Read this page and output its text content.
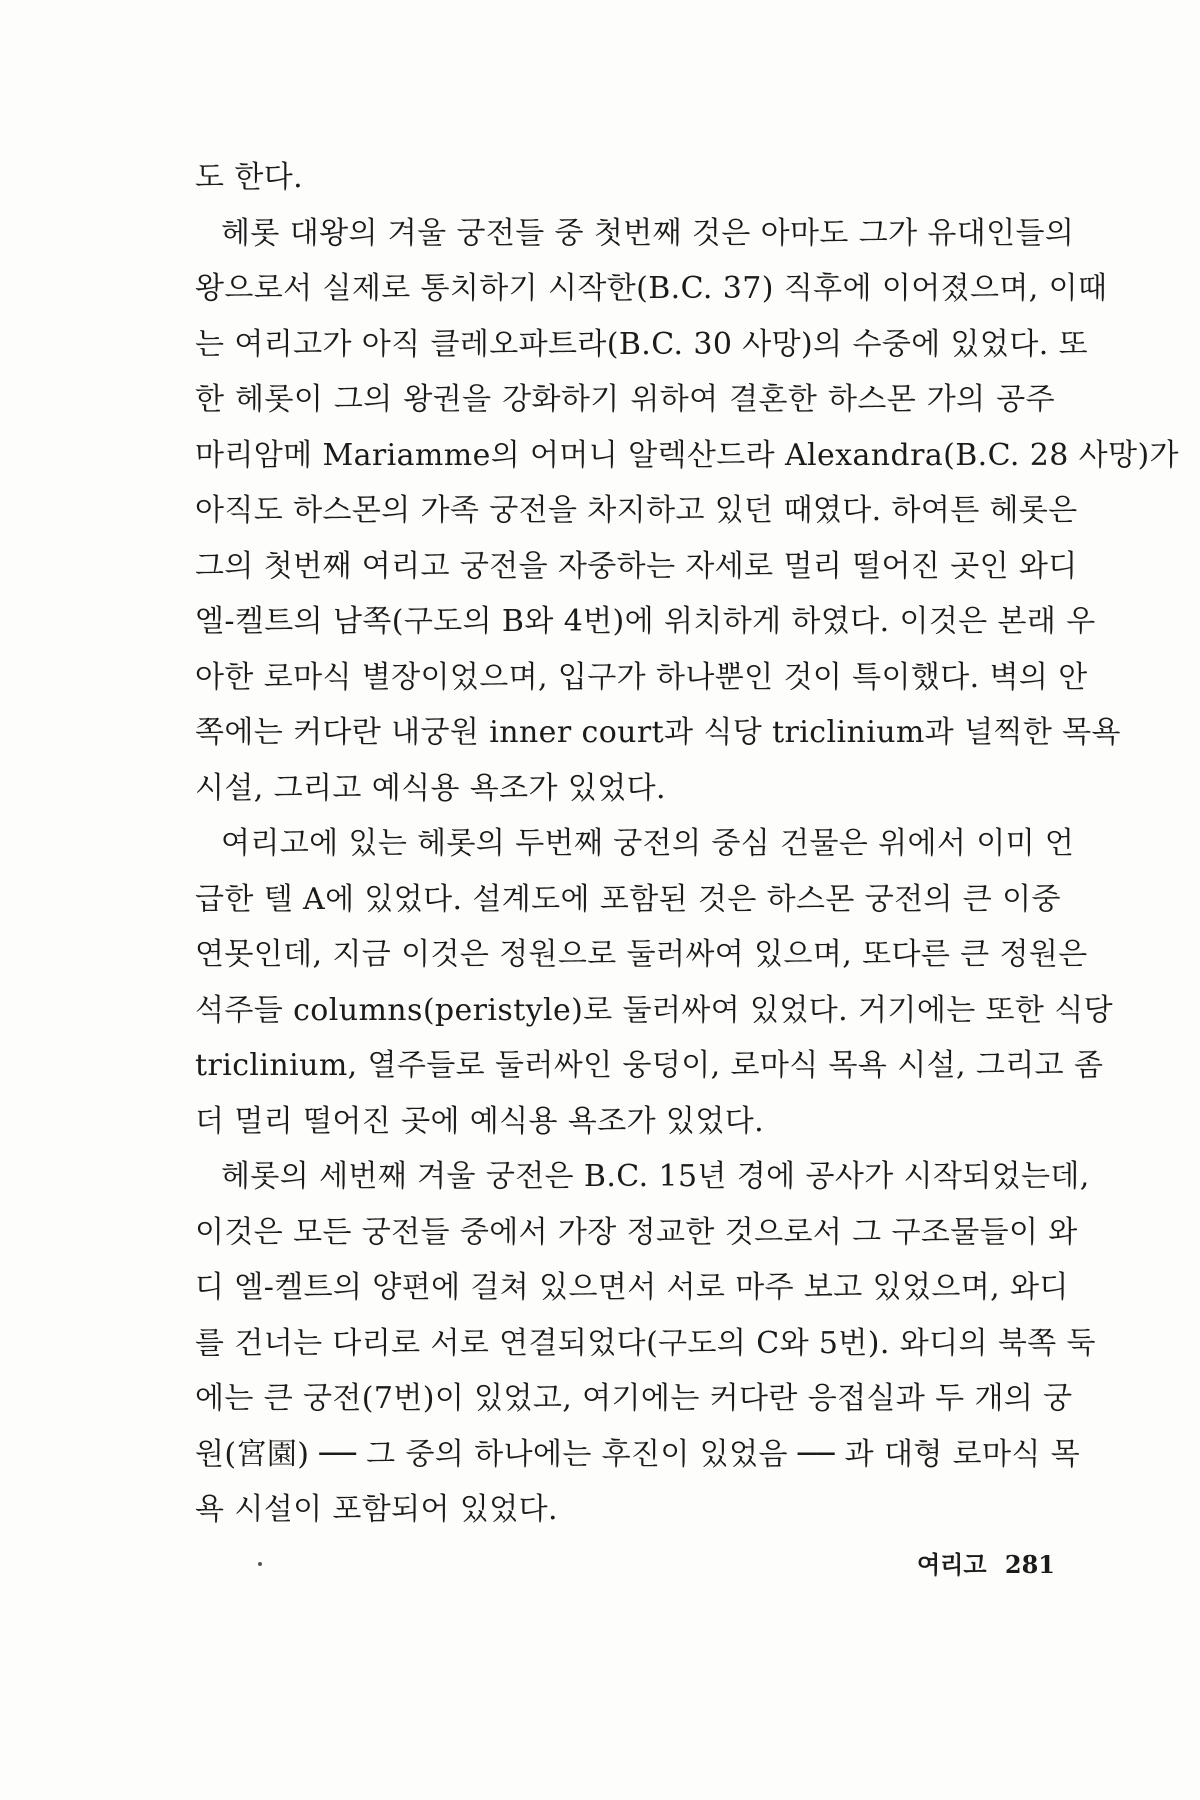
도 한다.
헤롯 대왕의 겨울 궁전들 중 첫번째 것은 아마도 그가 유대인들의
왕으로서 실제로 통치하기 시작한(B.C. 37) 직후에 이어졌으며, 이때
는 여리고가 아직 클레오파트라(B.C. 30 사망)의 수중에 있었다. 또
한 헤롯이 그의 왕권을 강화하기 위하여 결혼한 하스몬 가의 공주
마리암메 Mariamme의 어머니 알렉산드라 Alexandra(B.C. 28 사망)가
아직도 하스몬의 가족 궁전을 차지하고 있던 때였다. 하여튼 헤롯은
그의 첫번째 여리고 궁전을 자중하는 자세로 멀리 떨어진 곳인 와디
엘-켈트의 남쪽(구도의 B와 4번)에 위치하게 하였다. 이것은 본래 우
아한 로마식 별장이었으며, 입구가 하나뿐인 것이 특이했다. 벽의 안
쪽에는 커다란 내궁원 inner court과 식당 triclinium과 널찍한 목욕
시설, 그리고 예식용 욕조가 있었다.
여리고에 있는 헤롯의 두번째 궁전의 중심 건물은 위에서 이미 언
급한 텔 A에 있었다. 설계도에 포함된 것은 하스몬 궁전의 큰 이중
연못인데, 지금 이것은 정원으로 둘러싸여 있으며, 또다른 큰 정원은
석주들 columns(peristyle)로 둘러싸여 있었다. 거기에는 또한 식당
triclinium, 열주들로 둘러싸인 웅덩이, 로마식 목욕 시설, 그리고 좀
더 멀리 떨어진 곳에 예식용 욕조가 있었다.
헤롯의 세번째 겨울 궁전은 B.C. 15년 경에 공사가 시작되었는데,
이것은 모든 궁전들 중에서 가장 정교한 것으로서 그 구조물들이 와
디 엘-켈트의 양편에 걸쳐 있으면서 서로 마주 보고 있었으며, 와디
를 건너는 다리로 서로 연결되었다(구도의 C와 5번). 와디의 북쪽 둑
에는 큰 궁전(7번)이 있었고, 여기에는 커다란 응접실과 두 개의 궁
원(宮園) ── 그 중의 하나에는 후진이 있었음 ── 과 대형 로마식 목
욕 시설이 포함되어 있었다.
여리고 281
